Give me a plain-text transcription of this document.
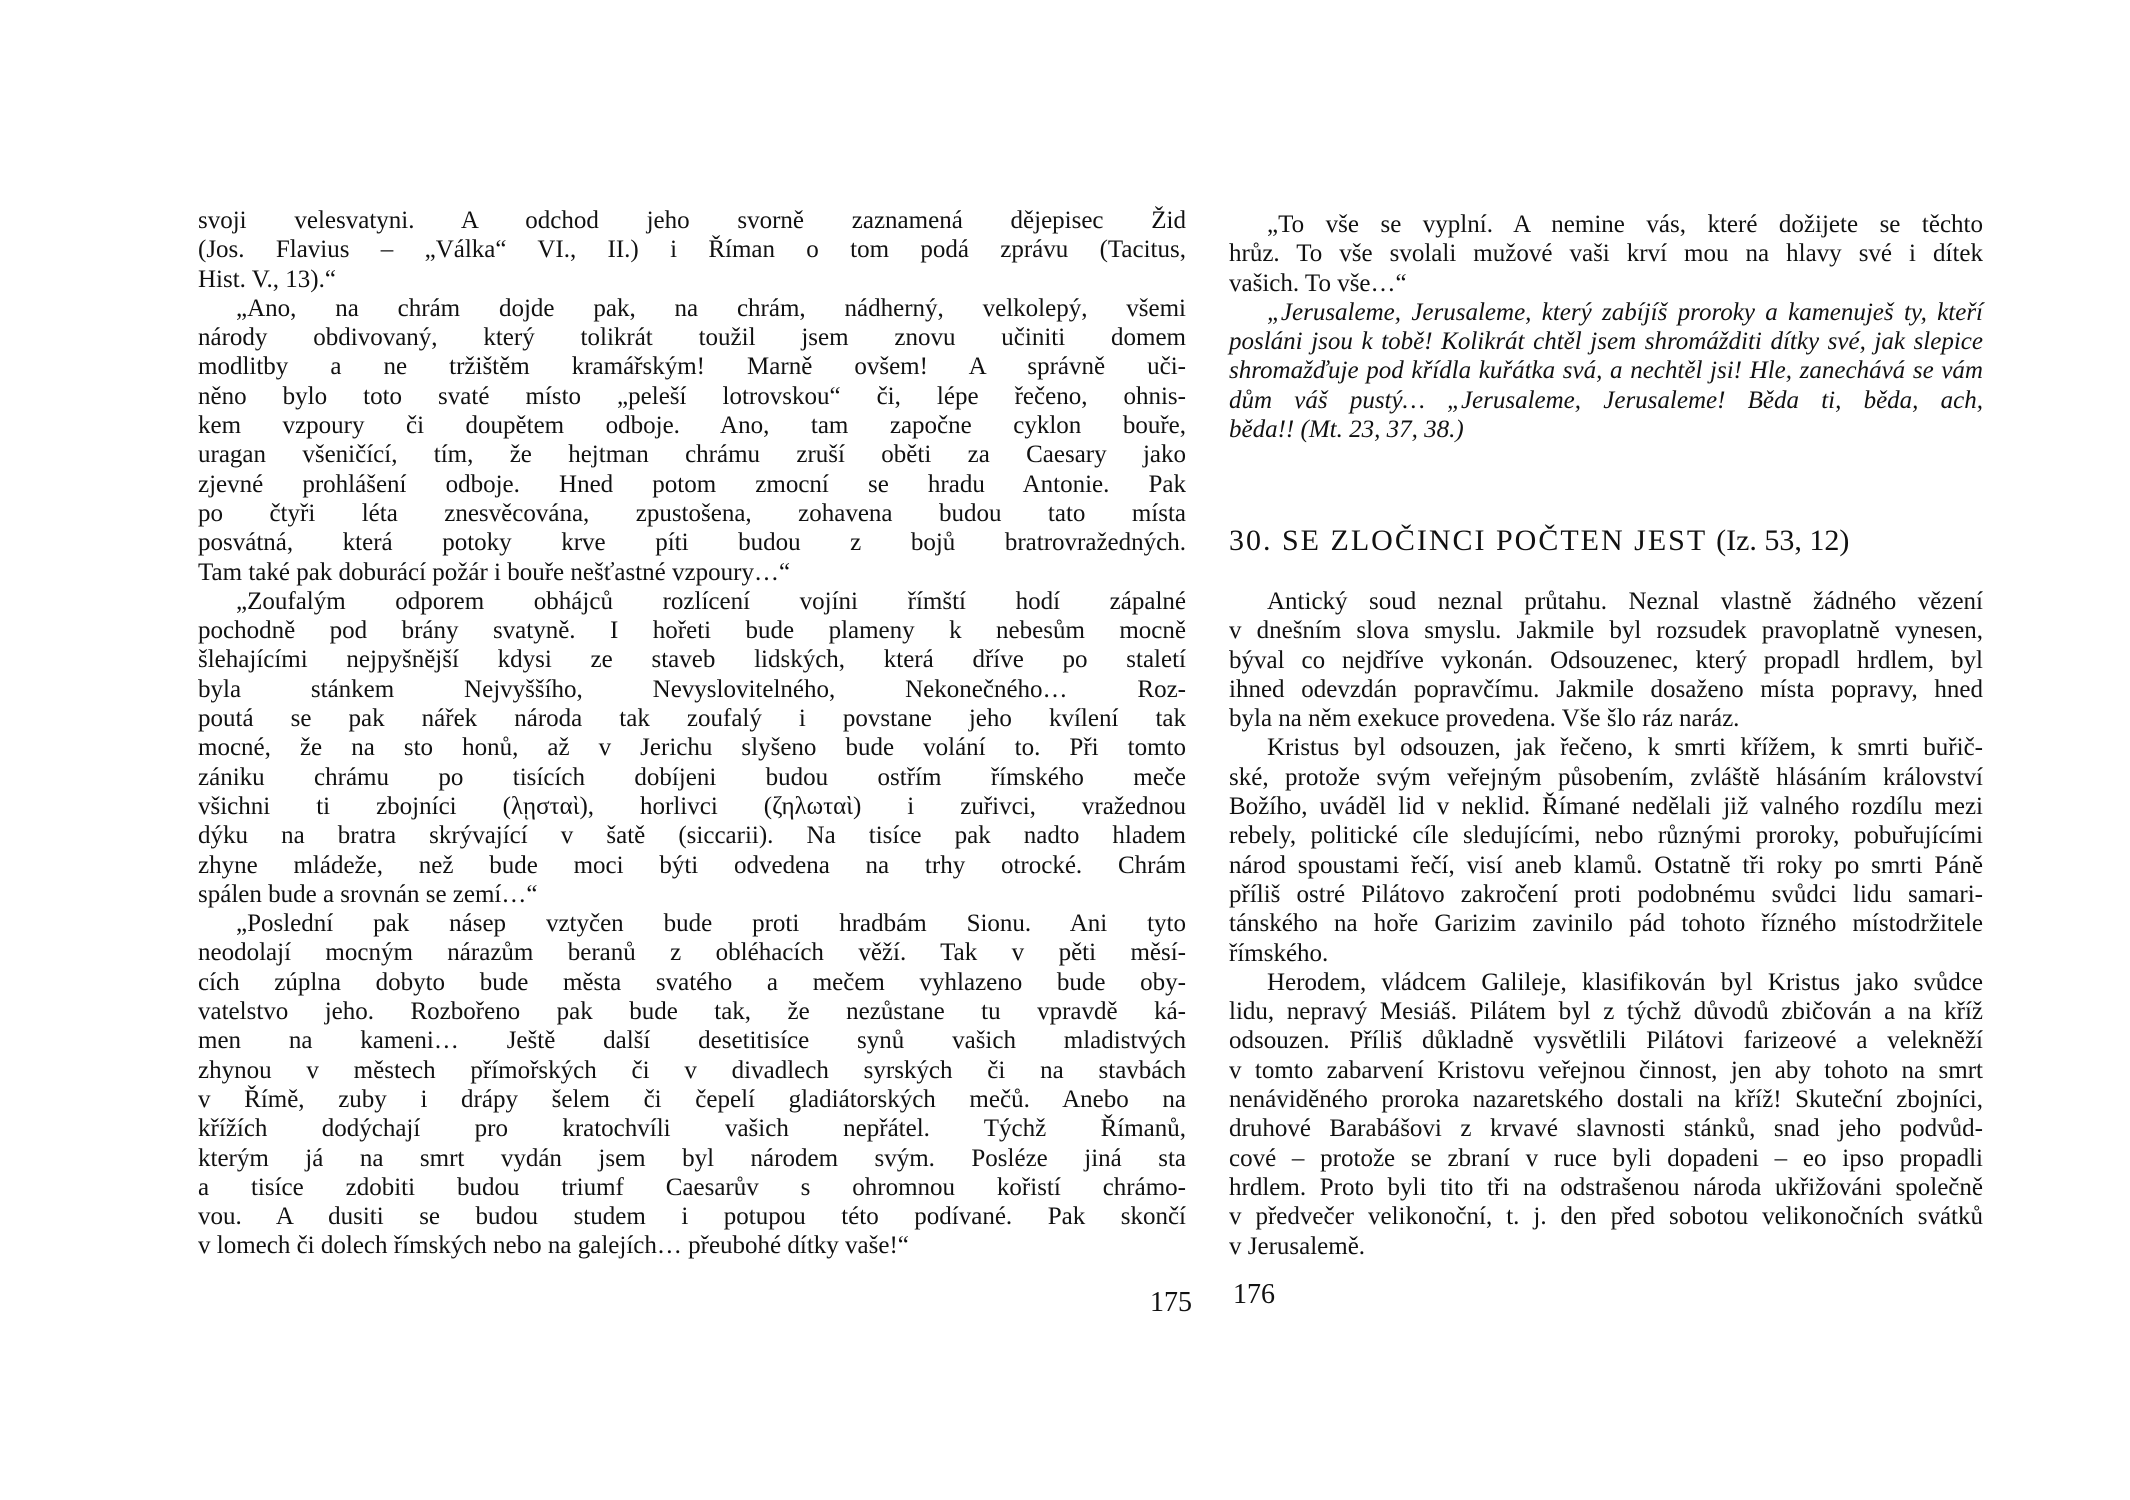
svoji velesvatyni. A odchod jeho svorně zaznamená dějepisec Žid
(Jos. Flavius – „Válka“ VI., II.) i Říman o tom podá zprávu (Tacitus,
Hist. V., 13).“
„Ano, na chrám dojde pak, na chrám, nádherný, velkolepý, všemi
národy obdivovaný, který tolikrát toužil jsem znovu učiniti domem
modlitby a ne tržištěm kramářským! Marně ovšem! A správně uči-
něno bylo toto svaté místo „peleší lotrovskou“ či, lépe řečeno, ohnis-
kem vzpoury či doupětem odboje. Ano, tam započne cyklon bouře,
uragan všeničící, tím, že hejtman chrámu zruší oběti za Caesary jako
zjevné prohlášení odboje. Hned potom zmocní se hradu Antonie. Pak
po čtyři léta znesvěcována, zpustošena, zohavena budou tato místa
posvátná, která potoky krve píti budou z bojů bratrovražedných.
Tam také pak doburácí požár i bouře nešťastné vzpoury…“
„Zoufalým odporem obhájců rozlícení vojíni římští hodí zápalné
pochodně pod brány svatyně. I hořeti bude plameny k nebesům mocně
šlehajícími nejpyšnější kdysi ze staveb lidských, která dříve po staletí
byla stánkem Nejvyššího, Nevyslovitelného, Nekonečného… Roz-
poutá se pak nářek národa tak zoufalý i povstane jeho kvílení tak
mocné, že na sto honů, až v Jerichu slyšeno bude volání to. Při tomto
zániku chrámu po tisících dobíjeni budou ostřím římského meče
všichni ti zbojníci (λῃσταὶ), horlivci (ζηλωταὶ) i zuřivci, vražednou
dýku na bratra skrývající v šatě (siccarii). Na tisíce pak nadto hladem
zhyne mládeže, než bude moci býti odvedena na trhy otrocké. Chrám
spálen bude a srovnán se zemí…“
„Poslední pak násep vztyčen bude proti hradbám Sionu. Ani tyto
neodolají mocným nárazům beranů z obléhacích věží. Tak v pěti měsí-
cích zúplna dobyto bude města svatého a mečem vyhlazeno bude oby-
vatelstvo jeho. Rozbořeno pak bude tak, že nezůstane tu vpravdě ká-
men na kameni… Ještě další desetitisíce synů vašich mladistvých
zhynou v městech přímořských či v divadlech syrských či na stavbách
v Římě, zuby i drápy šelem či čepelí gladiátorských mečů. Anebo na
křížích dodýchají pro kratochvíli vašich nepřátel. Týchž Římanů,
kterým já na smrt vydán jsem byl národem svým. Posléze jiná sta
a tisíce zdobiti budou triumf Caesarův s ohromnou kořistí chrámo-
vou. A dusiti se budou studem i potupou této podívané. Pak skončí
v lomech či dolech římských nebo na galejích… přeubohé dítky vaše!“
„To vše se vyplní. A nemine vás, které dožijete se těchto
hrůz. To vše svolali mužové vaši krví mou na hlavy své i dítek
vašich. To vše…“
„Jerusaleme, Jerusaleme, který zabíjíš proroky a kamenuješ ty, kteří
posláni jsou k tobě! Kolikrát chtěl jsem shromážditi dítky své, jak slepice
shromažďuje pod křídla kuřátka svá, a nechtěl jsi! Hle, zanechává se vám
dům váš pustý… „Jerusaleme, Jerusaleme! Běda ti, běda, ach,
běda!! (Mt. 23, 37, 38.)
30. SE ZLOČINCI POČTEN JEST (Iz. 53, 12)
Antický soud neznal průtahu. Neznal vlastně žádného vězení
v dnešním slova smyslu. Jakmile byl rozsudek pravoplatně vynesen,
býval co nejdříve vykonán. Odsouzenec, který propadl hrdlem, byl
ihned odevzdán popravčímu. Jakmile dosaženo místa popravy, hned
byla na něm exekuce provedena. Vše šlo ráz naráz.
Kristus byl odsouzen, jak řečeno, k smrti křížem, k smrti buřič-
ské, protože svým veřejným působením, zvláště hlásáním království
Božího, uváděl lid v neklid. Římané nedělali již valného rozdílu mezi
rebely, politické cíle sledujícími, nebo různými proroky, pobuřujícími
národ spoustami řečí, visí aneb klamů. Ostatně tři roky po smrti Páně
příliš ostré Pilátovo zakročení proti podobnému svůdci lidu samari-
tánského na hoře Garizim zavinilo pád tohoto řízného místodržitele
římského.
Herodem, vládcem Galileje, klasifikován byl Kristus jako svůdce
lidu, nepravý Mesiáš. Pilátem byl z týchž důvodů zbičován a na kříž
odsouzen. Příliš důkladně vysvětlili Pilátovi farizeové a velekněží
v tomto zabarvení Kristovu veřejnou činnost, jen aby tohoto na smrt
nenáviděného proroka nazaretského dostali na kříž! Skuteční zbojníci,
druhové Barabášovi z krvavé slavnosti stánků, snad jeho podvůd-
cové – protože se zbraní v ruce byli dopadeni – eo ipso propadli
hrdlem. Proto byli tito tři na odstrašenou národa ukřižováni společně
v předvečer velikonoční, t. j. den před sobotou velikonočních svátků
v Jerusalemě.
175 176
